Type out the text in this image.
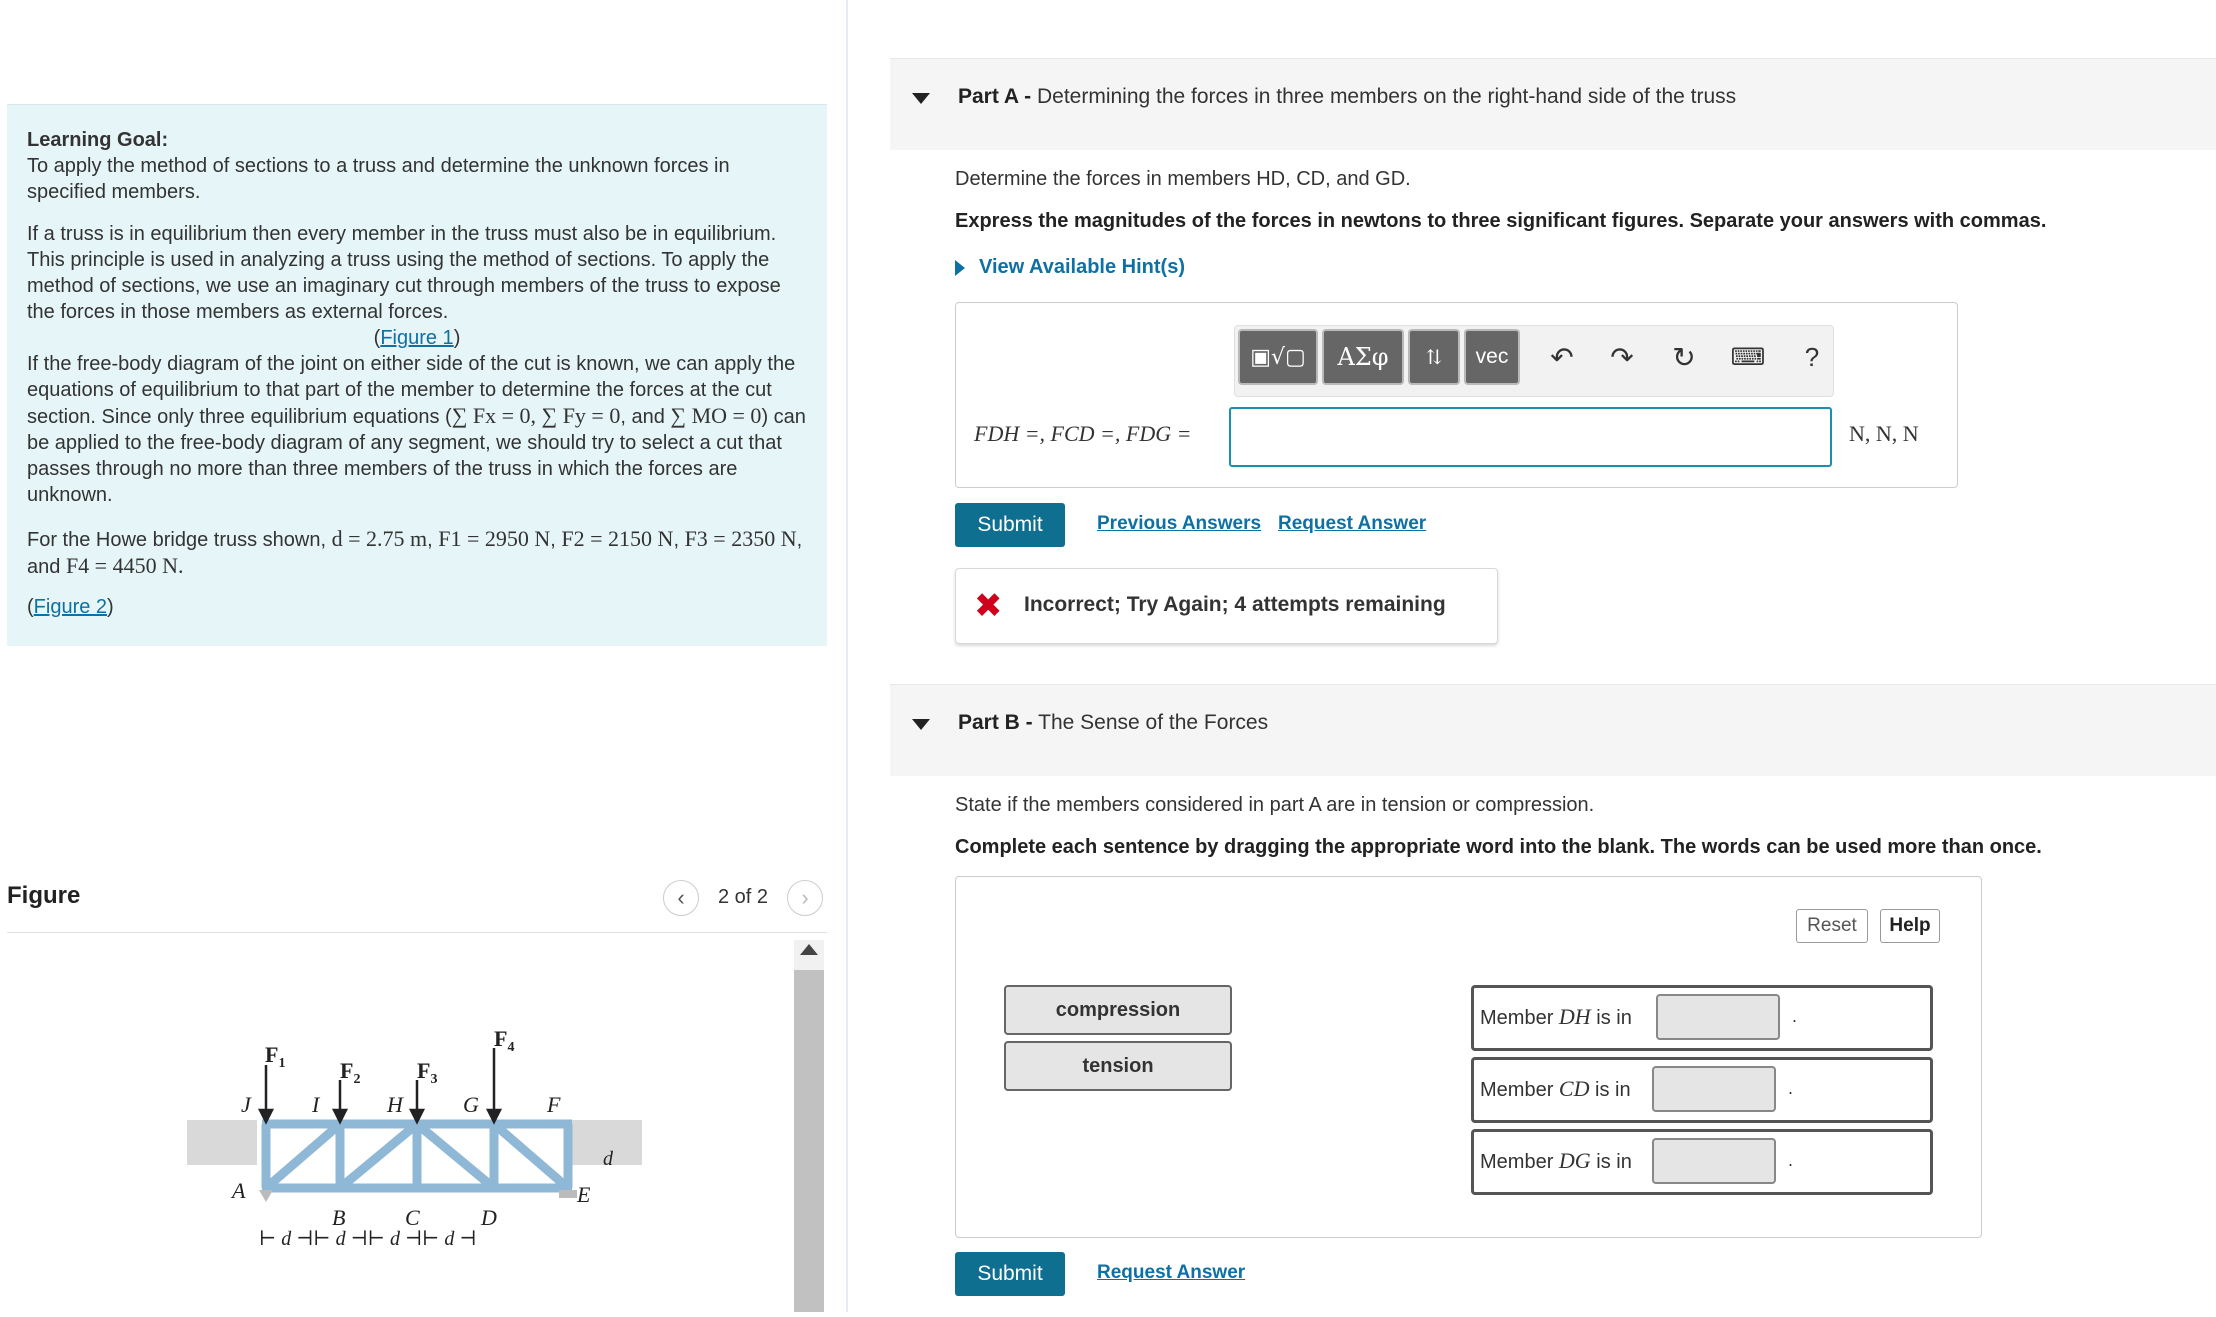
Learning Goal:

To apply the method of sections to a truss and determine the unknown forces in specified members.

If a truss is in equilibrium then every member in the truss must also be in equilibrium. This principle is used in analyzing a truss using the method of sections. To apply the method of sections, we use an imaginary cut through members of the truss to expose the forces in those members as external forces.

(Figure 1)

If the free-body diagram of the joint on either side of the cut is known, we can apply the equations of equilibrium to that part of the member to determine the forces at the cut section. Since only three equilibrium equations (∑ Fx = 0, ∑ Fy = 0, and ∑ MO = 0) can be applied to the free-body diagram of any segment, we should try to select a cut that passes through no more than three members of the truss in which the forces are unknown.

For the Howe bridge truss shown, d = 2.75 m, F1 = 2950 N, F2 = 2150 N, F3 = 2350 N, and F4 = 4450 N.

(Figure 2)

Figure	‹ 2 of 2 ›
$F_1$ $F_2$	$F_3$
$F_4$
J	I	H	G	F
A
B	C	D
E
d
⊢ d ⊣⊢ d ⊣⊢ d ⊣⊢ d ⊣
Part A - Determining the forces in three members on the right-hand side of the truss
Determine the forces in members HD, CD, and GD.
Express the magnitudes of the forces in newtons to three significant figures. Separate your answers with commas.
View Available Hint(s)
▣√▢ ΑΣφ ⇅ vec ↶ ↷ ↻	⌨ ?
FDH =, FCD =, FDG =	N, N, N
Submit	Previous Answers Request Answer
✖ Incorrect; Try Again; 4 attempts remaining
Part B - The Sense of the Forces
State if the members considered in part A are in tension or compression.
Complete each sentence by dragging the appropriate word into the blank. The words can be used more than once.
Reset	Help
compression
tension
Member DH is in	.
Member CD is in	.
Member DG is in	.
Submit	Request Answer
